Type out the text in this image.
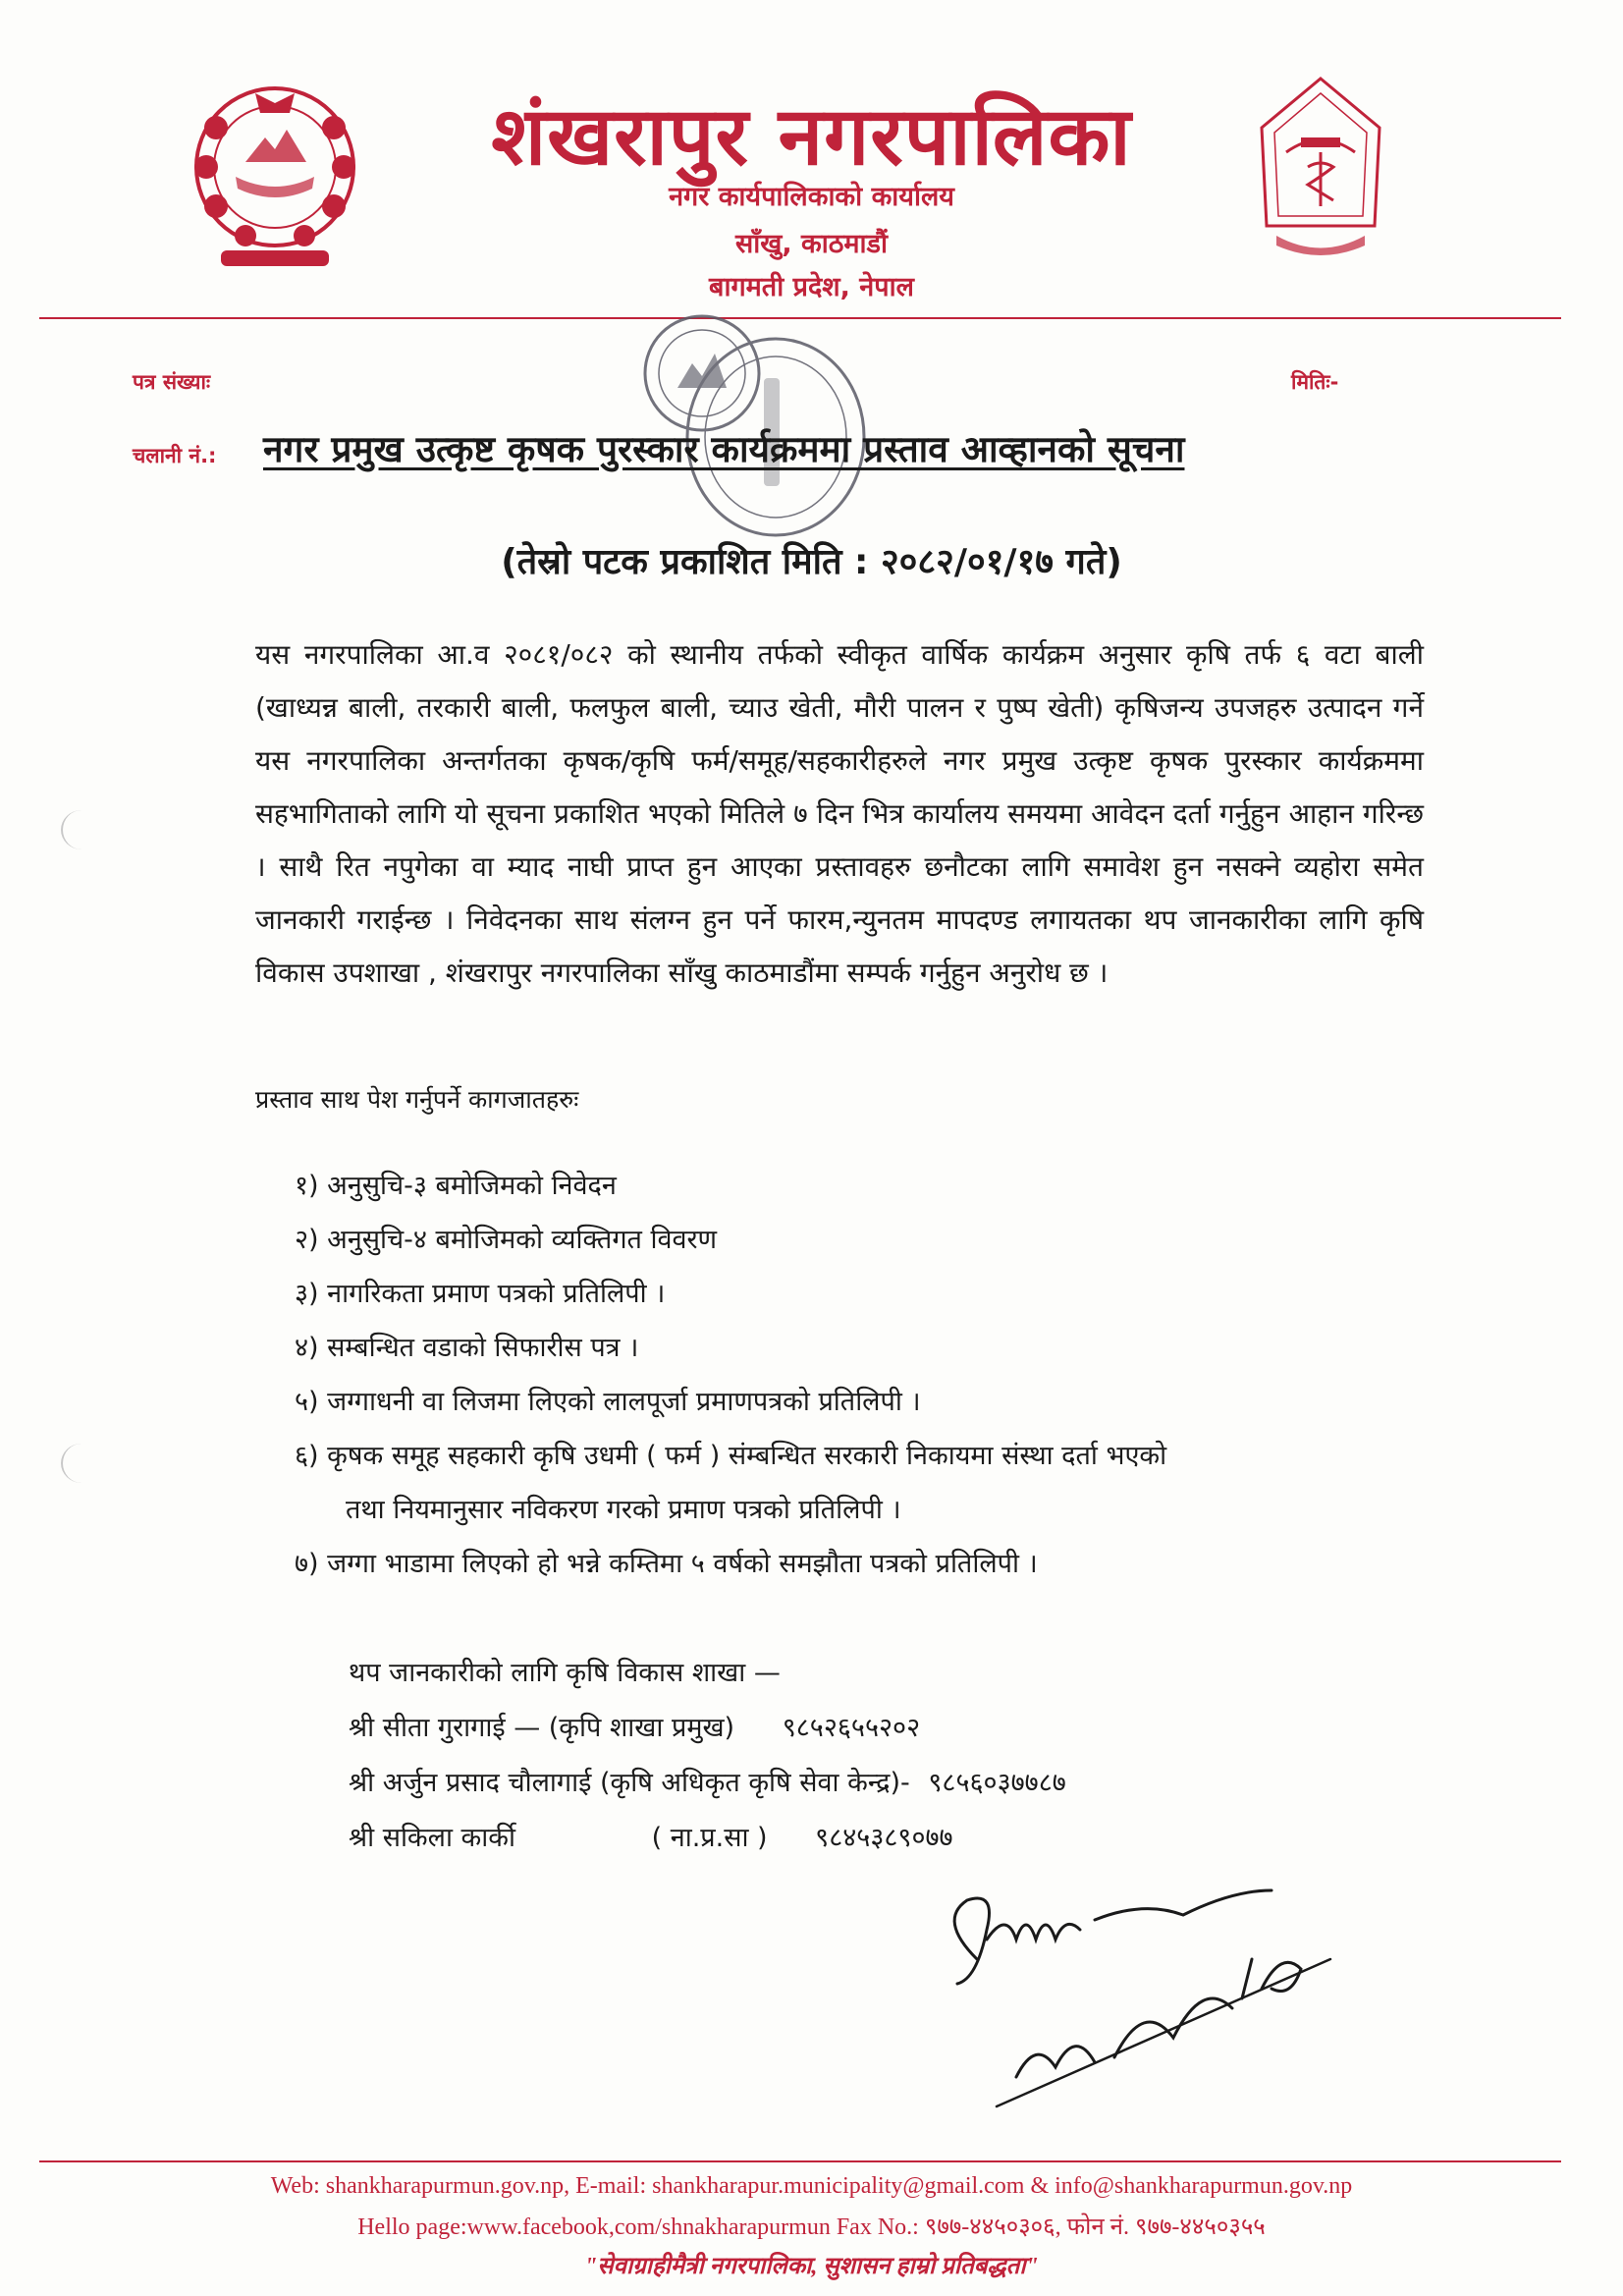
शंखरापुर नगरपालिका
नगर कार्यपालिकाको कार्यालय
साँखु, काठमाडौं
बागमती प्रदेश, नेपाल
पत्र संख्याः	मितिः-
चलानी नं.: नगर प्रमुख उत्कृष्ट कृषक पुरस्कार कार्यक्रममा प्रस्ताव आव्हानको सूचना
(तेस्रो पटक प्रकाशित मिति : २०८२/०१/१७ गते)
यस नगरपालिका आ.व २०८१/०८२ को स्थानीय तर्फको स्वीकृत वार्षिक कार्यक्रम अनुसार कृषि तर्फ ६ वटा बाली (खाध्यन्न बाली, तरकारी बाली, फलफुल बाली, च्याउ खेती, मौरी पालन र पुष्प खेती) कृषिजन्य उपजहरु उत्पादन गर्ने यस नगरपालिका अन्तर्गतका कृषक/कृषि फर्म/समूह/सहकारीहरुले नगर प्रमुख उत्कृष्ट कृषक पुरस्कार कार्यक्रममा सहभागिताको लागि यो सूचना प्रकाशित भएको मितिले ७ दिन भित्र कार्यालय समयमा आवेदन दर्ता गर्नुहुन आहान गरिन्छ । साथै रित नपुगेका वा म्याद नाघी प्राप्त हुन आएका प्रस्तावहरु छनौटका लागि समावेश हुन नसक्ने व्यहोरा समेत जानकारी गराईन्छ । निवेदनका साथ संलग्न हुन पर्ने फारम,न्युनतम मापदण्ड लगायतका थप जानकारीका लागि कृषि विकास उपशाखा , शंखरापुर नगरपालिका साँखु काठमाडौंमा सम्पर्क गर्नुहुन अनुरोध छ ।
प्रस्ताव साथ पेश गर्नुपर्ने कागजातहरुः
१) अनुसुचि-३ बमोजिमको निवेदन
२) अनुसुचि-४ बमोजिमको व्यक्तिगत विवरण
३) नागरिकता प्रमाण पत्रको प्रतिलिपी ।
४) सम्बन्धित वडाको सिफारीस पत्र ।
५) जग्गाधनी वा लिजमा लिएको लालपूर्जा प्रमाणपत्रको प्रतिलिपी ।
६) कृषक समूह सहकारी कृषि उधमी ( फर्म ) संम्बन्धित सरकारी निकायमा संस्था दर्ता भएको
तथा नियमानुसार नविकरण गरको प्रमाण पत्रको प्रतिलिपी ।
७) जग्गा भाडामा लिएको हो भन्ने कम्तिमा ५ वर्षको समझौता पत्रको प्रतिलिपी ।
थप जानकारीको लागि कृषि विकास शाखा —
श्री सीता गुरागाई — (कृपि शाखा प्रमुख) ९८५२६५५२०२
श्री अर्जुन प्रसाद चौलागाई (कृषि अधिकृत कृषि सेवा केन्द्र)- ९८५६०३७७८७
श्री सकिला कार्की	( ना.प्र.सा ) ९८४५३८९०७७
Web: shankharapurmun.gov.np, E-mail: shankharapur.municipality@gmail.com & info@shankharapurmun.gov.np
Hello page:www.facebook,com/shnakharapurmun Fax No.: ९७७-४४५०३०६, फोन नं. ९७७-४४५०३५५
"सेवाग्राहीमैत्री नगरपालिका, सुशासन हाम्रो प्रतिबद्धता"
